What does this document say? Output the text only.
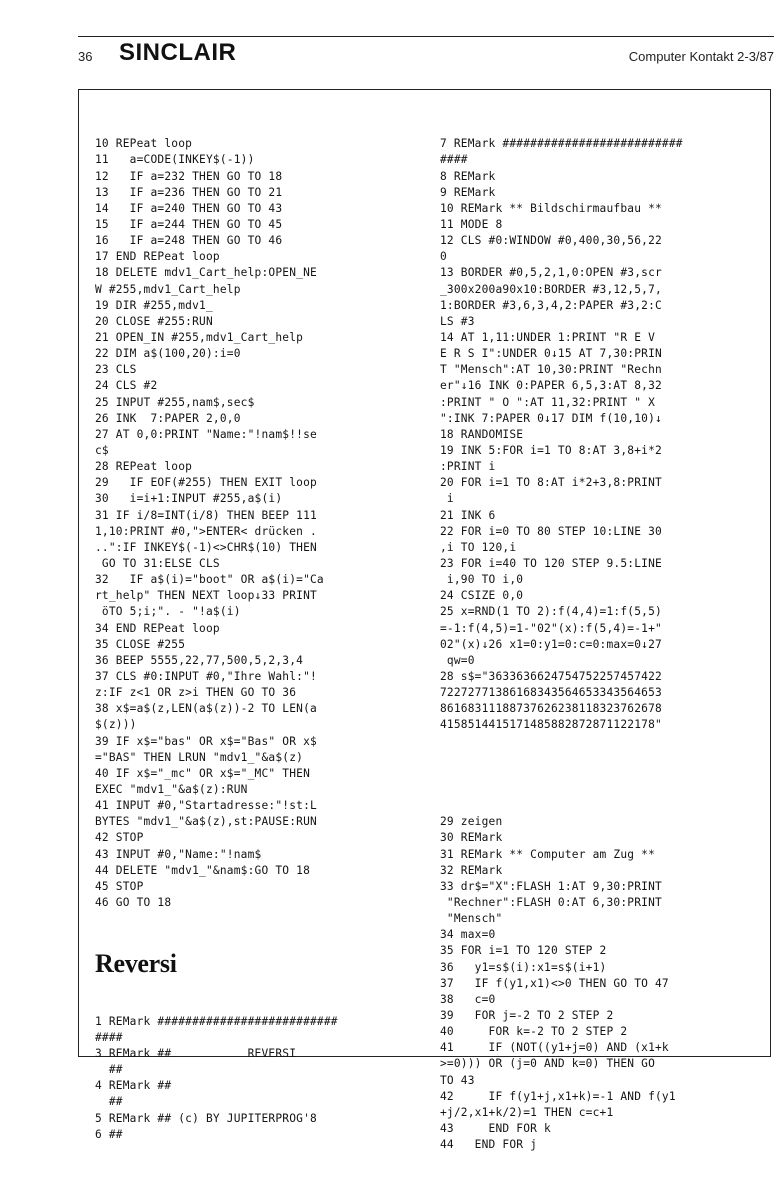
36 SINCLAIR	Computer Kontakt 2-3/87

10 REPeat loop
11   a=CODE(INKEY$(-1))
12   IF a=232 THEN GO TO 18
13   IF a=236 THEN GO TO 21
14   IF a=240 THEN GO TO 43
15   IF a=244 THEN GO TO 45
16   IF a=248 THEN GO TO 46
17 END REPeat loop
18 DELETE mdv1_Cart_help:OPEN_NE
W #255,mdv1_Cart_help
19 DIR #255,mdv1_
20 CLOSE #255:RUN
21 OPEN_IN #255,mdv1_Cart_help
22 DIM a$(100,20):i=0
23 CLS
24 CLS #2
25 INPUT #255,nam$,sec$
26 INK  7:PAPER 2,0,0
27 AT 0,0:PRINT "Name:"!nam$!!se
c$
28 REPeat loop
29   IF EOF(#255) THEN EXIT loop
30   i=i+1:INPUT #255,a$(i)
31 IF i/8=INT(i/8) THEN BEEP 111
1,10:PRINT #0,">ENTER< drücken .
..":IF INKEY$(-1)<>CHR$(10) THEN
GO TO 31:ELSE CLS
32   IF a$(i)="boot" OR a$(i)="Ca
rt_help" THEN NEXT loop↓33 PRINT
öTO 5;i;". - "!a$(i)
34 END REPeat loop
35 CLOSE #255
36 BEEP 5555,22,77,500,5,2,3,4
37 CLS #0:INPUT #0,"Ihre Wahl:"!
z:IF z<1 OR z>i THEN GO TO 36
38 x$=a$(z,LEN(a$(z))-2 TO LEN(a
$(z)))
39 IF x$="bas" OR x$="Bas" OR x$
="BAS" THEN LRUN "mdv1_"&a$(z)
40 IF x$="_mc" OR x$="_MC" THEN
EXEC "mdv1_"&a$(z):RUN
41 INPUT #0,"Startadresse:"!st:L
BYTES "mdv1_"&a$(z),st:PAUSE:RUN
42 STOP
43 INPUT #0,"Name:"!nam$
44 DELETE "mdv1_"&nam$:GO TO 18
45 STOP
46 GO TO 18

Reversi

1 REMark ##########################
####
3 REMark ##           REVERSI
##
4 REMark ##
##
5 REMark ## (c) BY JUPITERPROG'8
6 ##

7 REMark ##########################
####
8 REMark
9 REMark
10 REMark ** Bildschirmaufbau **
11 MODE 8
12 CLS #0:WINDOW #0,400,30,56,22
0
13 BORDER #0,5,2,1,0:OPEN #3,scr
_300x200a90x10:BORDER #3,12,5,7,
1:BORDER #3,6,3,4,2:PAPER #3,2:C
LS #3
14 AT 1,11:UNDER 1:PRINT "R E V
E R S I":UNDER 0↓15 AT 7,30:PRIN
T "Mensch":AT 10,30:PRINT "Rechn
er"↓16 INK 0:PAPER 6,5,3:AT 8,32
:PRINT " O ":AT 11,32:PRINT " X
":INK 7:PAPER 0↓17 DIM f(10,10)↓
18 RANDOMISE
19 INK 5:FOR i=1 TO 8:AT 3,8+i*2
:PRINT i
20 FOR i=1 TO 8:AT i*2+3,8:PRINT
i
21 INK 6
22 FOR i=0 TO 80 STEP 10:LINE 30
,i TO 120,i
23 FOR i=40 TO 120 STEP 9.5:LINE
i,90 TO i,0
24 CSIZE 0,0
25 x=RND(1 TO 2):f(4,4)=1:f(5,5)
=-1:f(4,5)=1-"02"(x):f(5,4)=-1+"
02"(x)↓26 x1=0:y1=0:c=0:max=0↓27
qw=0
28 s$="3633636624754752257457422
7227277138616834356465334356465З
8616831118873762623811832З762678
4158514415171485882872871122178"

29 zeigen
30 REMark
31 REMark ** Computer am Zug **
32 REMark
33 dr$="X":FLASH 1:AT 9,30:PRINT
"Rechner":FLASH 0:AT 6,30:PRINT
"Mensch"
34 max=0
35 FOR i=1 TO 120 STEP 2
36   y1=s$(i):x1=s$(i+1)
37   IF f(y1,x1)<>0 THEN GO TO 47
38   c=0
39   FOR j=-2 TO 2 STEP 2
40     FOR k=-2 TO 2 STEP 2
41     IF (NOT((y1+j=0) AND (x1+k
>=0))) OR (j=0 AND k=0) THEN GO
TO 43
42     IF f(y1+j,x1+k)=-1 AND f(y1
+j/2,x1+k/2)=1 THEN c=c+1
43     END FOR k
44   END FOR j
